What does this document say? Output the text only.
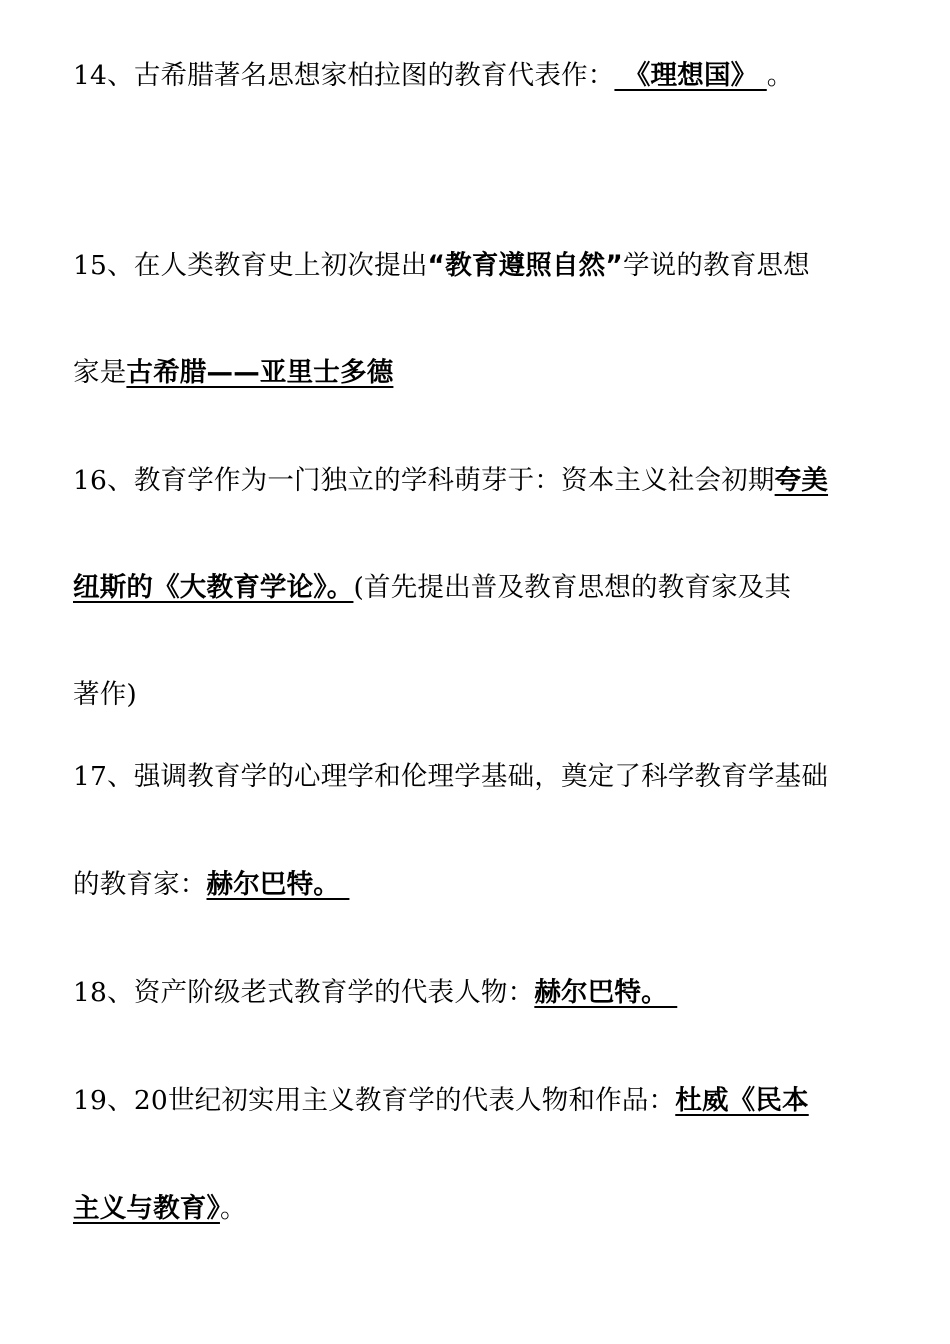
14、古希腊著名思想家柏拉图的教育代表作： 《理想国》 。
15、在人类教育史上初次提出“教育遵照自然”学说的教育思想
家是古希腊——亚里士多德
16、教育学作为一门独立的学科萌芽于：资本主义社会初期夸美
纽斯的《大教育学论》。(首先提出普及教育思想的教育家及其
著作)
17、强调教育学的心理学和伦理学基础，奠定了科学教育学基础
的教育家：赫尔巴特。
18、资产阶级老式教育学的代表人物：赫尔巴特。
19、20世纪初实用主义教育学的代表人物和作品：杜威《民本
主义与教育》。
